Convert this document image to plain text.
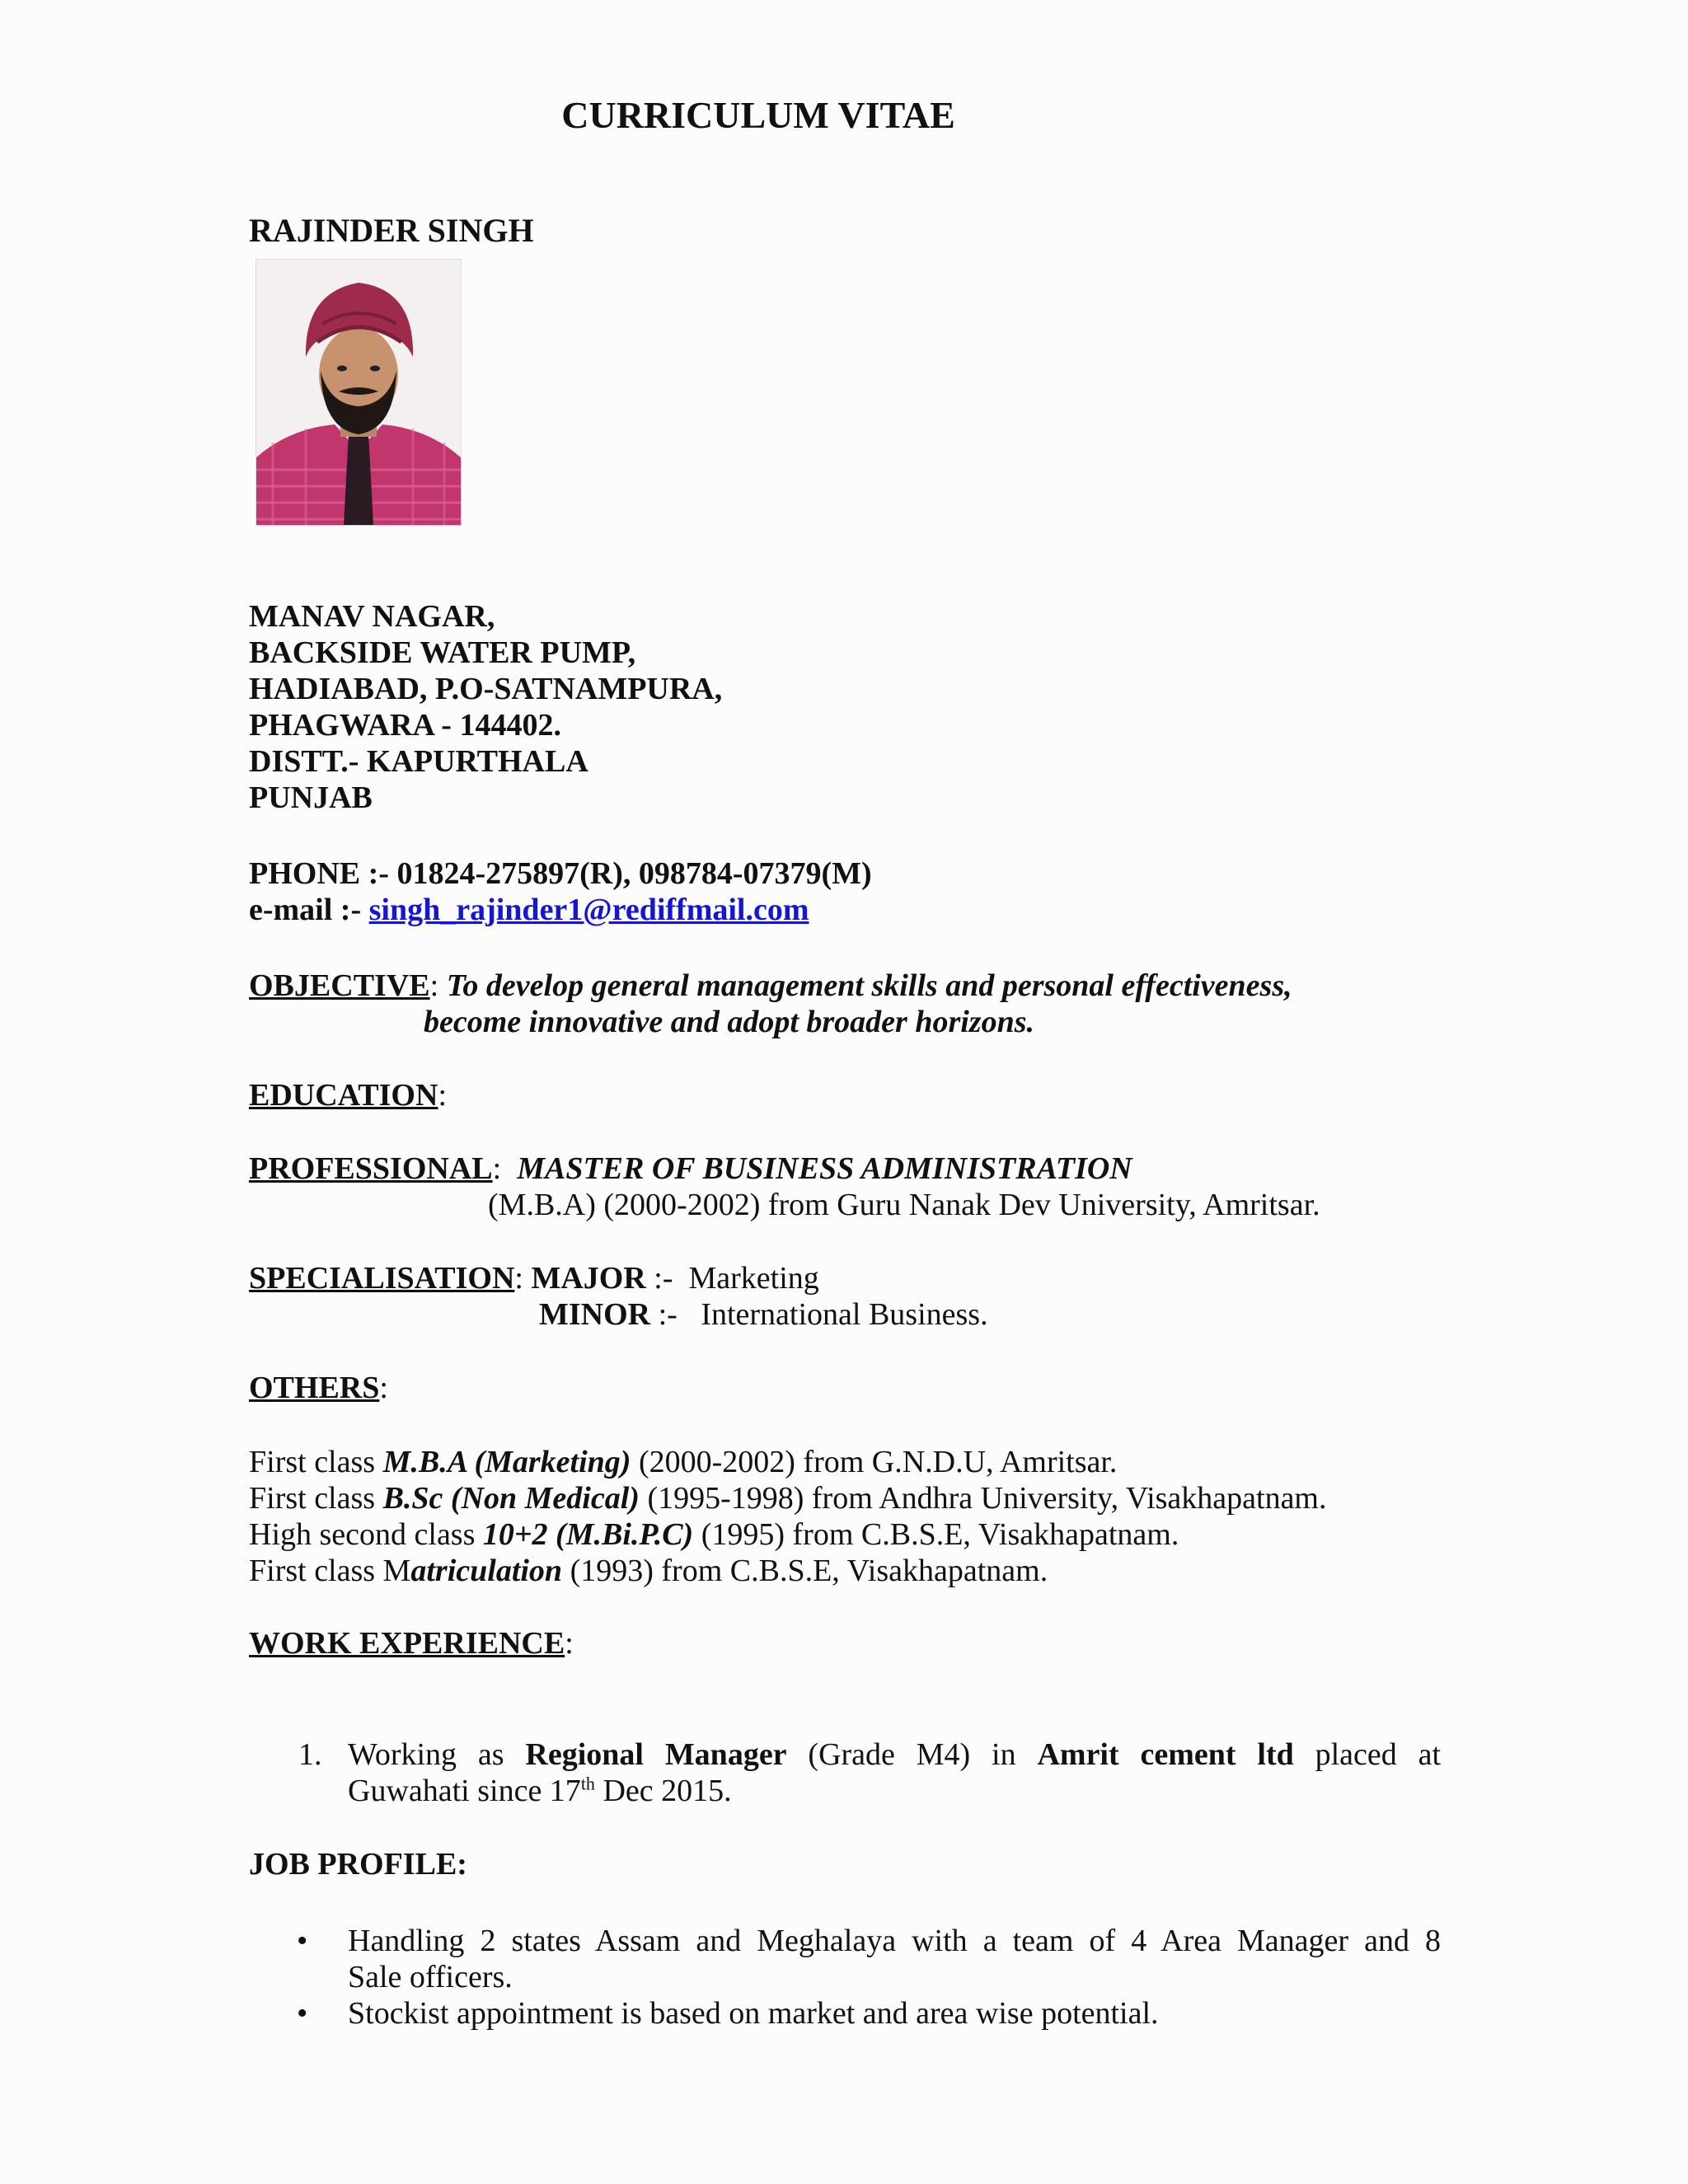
CURRICULUM VITAE
RAJINDER SINGH
MANAV NAGAR,
BACKSIDE WATER PUMP,
HADIABAD, P.O-SATNAMPURA,
PHAGWARA - 144402.
DISTT.- KAPURTHALA
PUNJAB
PHONE :- 01824-275897(R), 098784-07379(M)
e-mail :- singh_rajinder1@rediffmail.com
OBJECTIVE: To develop general management skills and personal effectiveness,
become innovative and adopt broader horizons.
EDUCATION:
PROFESSIONAL:  MASTER OF BUSINESS ADMINISTRATION
(M.B.A) (2000-2002) from Guru Nanak Dev University, Amritsar.
SPECIALISATION: MAJOR :-  Marketing
MINOR :-   International Business.
OTHERS:
First class M.B.A (Marketing) (2000-2002) from G.N.D.U, Amritsar.
First class B.Sc (Non Medical) (1995-1998) from Andhra University, Visakhapatnam.
High second class 10+2 (M.Bi.P.C) (1995) from C.B.S.E, Visakhapatnam.
First class Matriculation (1993) from C.B.S.E, Visakhapatnam.
WORK EXPERIENCE:
1. Working as Regional Manager (Grade M4) in Amrit cement ltd placed at
Guwahati since 17th Dec 2015.
JOB PROFILE:
• Handling 2 states Assam and Meghalaya with a team of 4 Area Manager and 8
Sale officers.
• Stockist appointment is based on market and area wise potential.
